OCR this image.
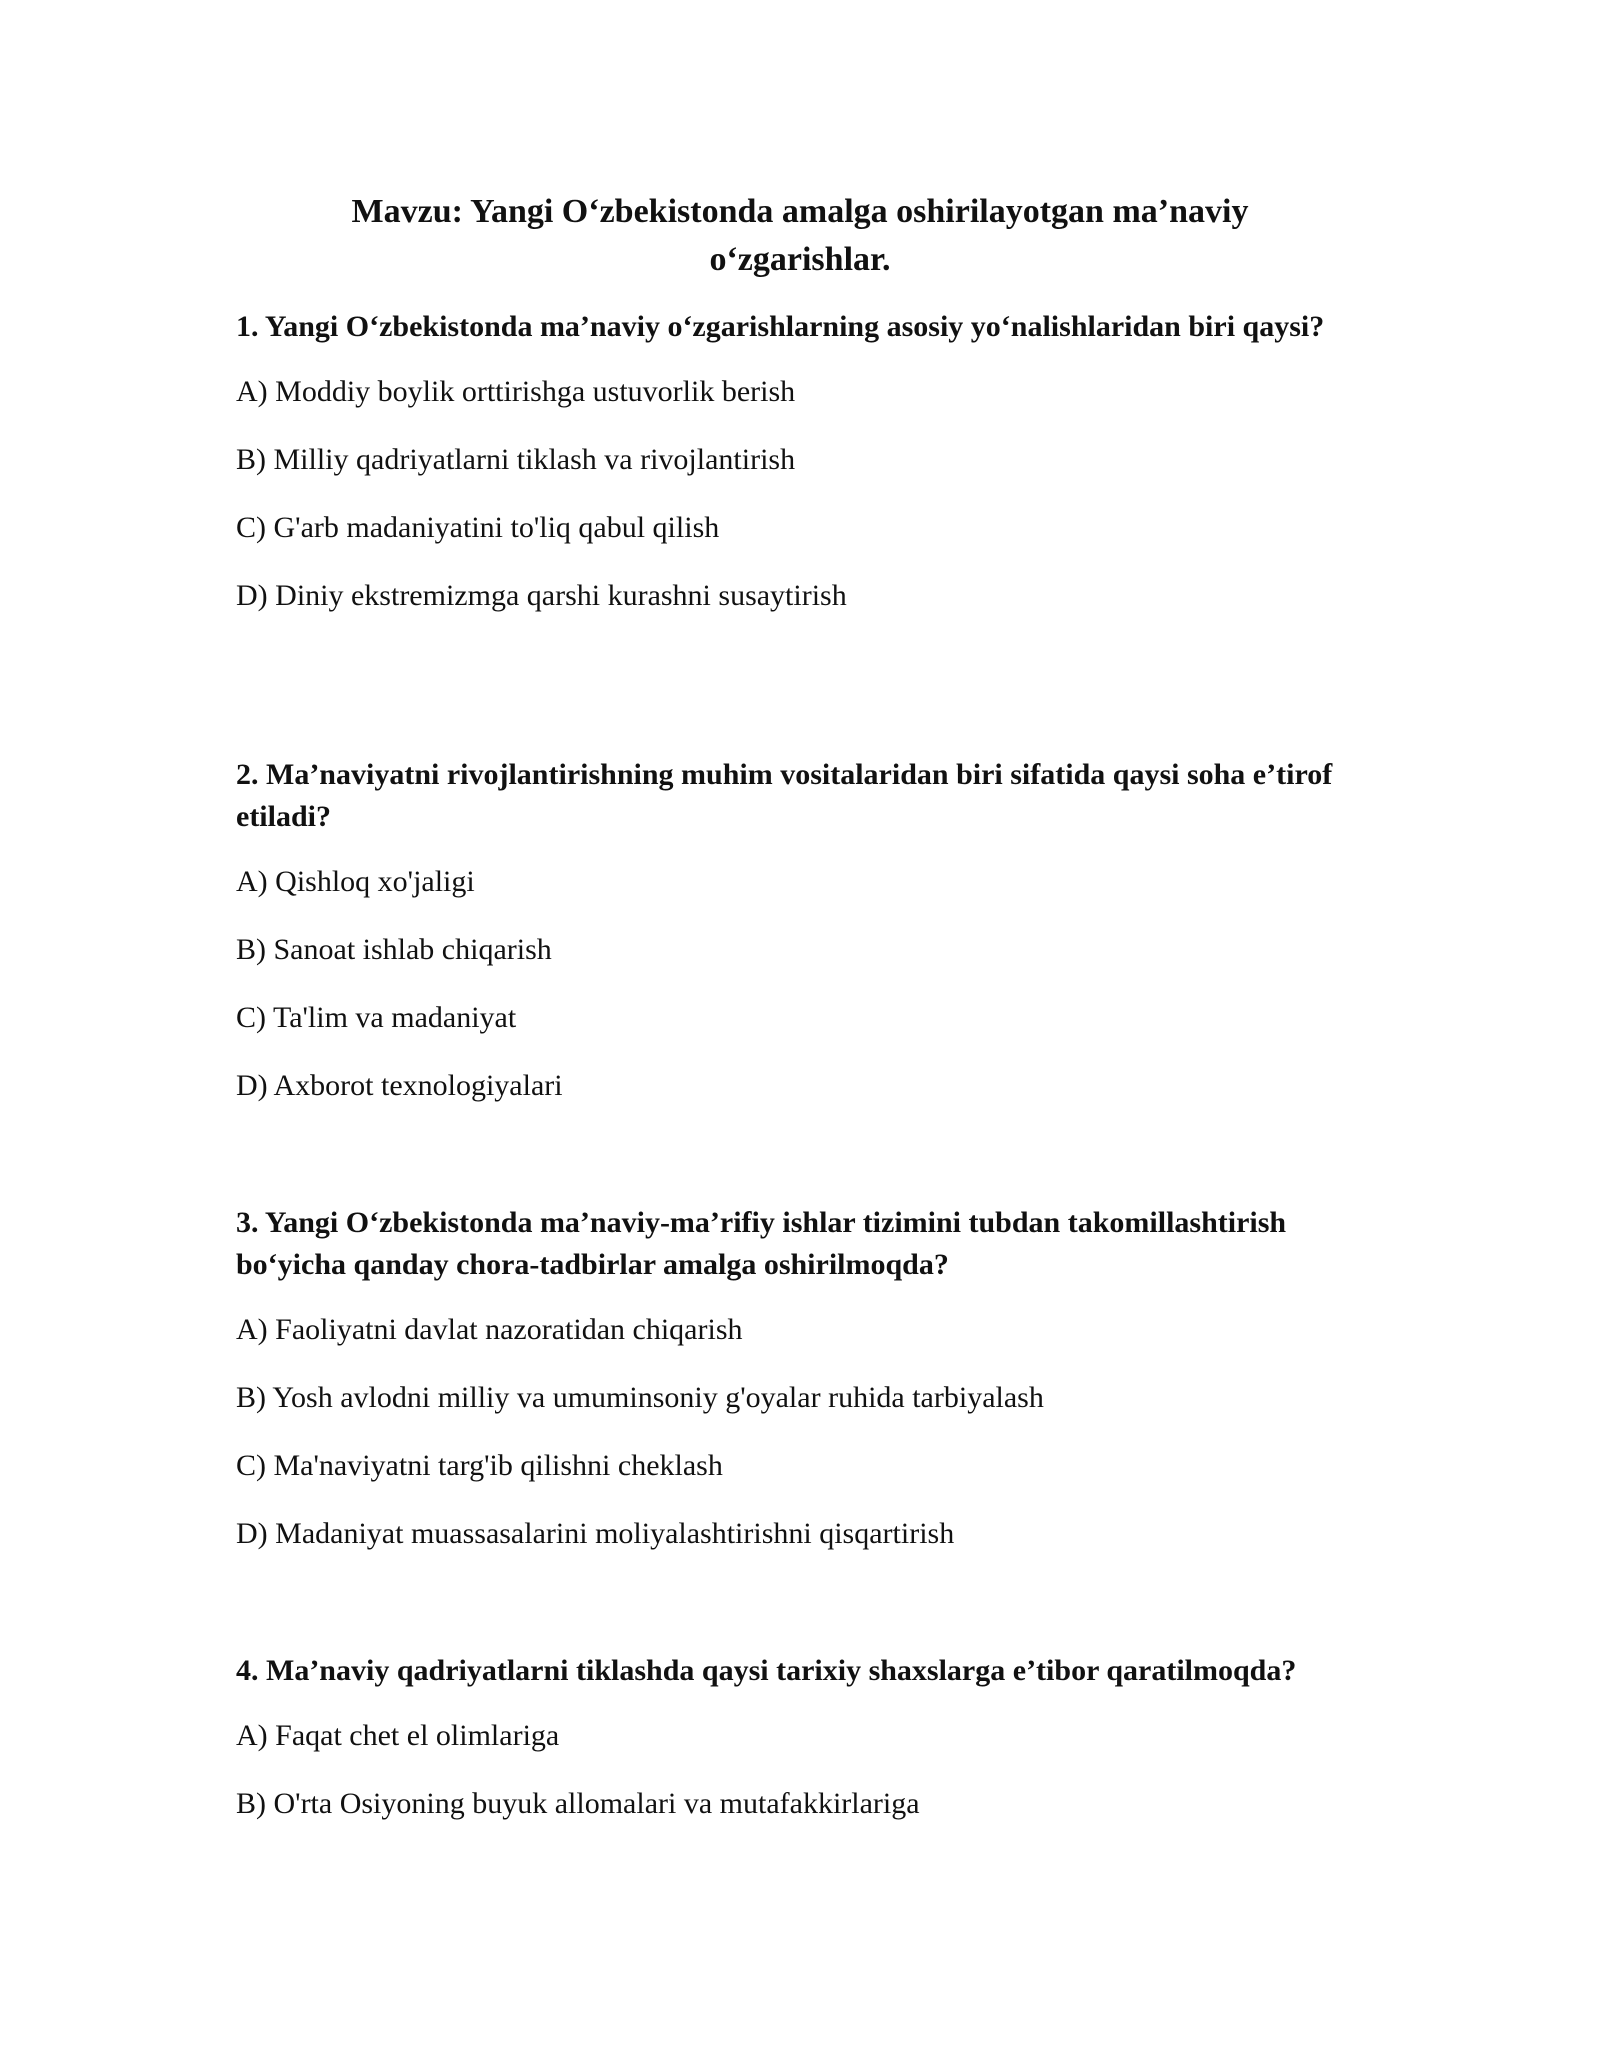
Mavzu: Yangi O‘zbekistonda amalga oshirilayotgan ma’naviy
o‘zgarishlar.

1. Yangi O‘zbekistonda ma’naviy o‘zgarishlarning asosiy yo‘nalishlaridan biri qaysi?

A) Moddiy boylik orttirishga ustuvorlik berish
B) Milliy qadriyatlarni tiklash va rivojlantirish
C) G'arb madaniyatini to'liq qabul qilish
D) Diniy ekstremizmga qarshi kurashni susaytirish

2. Ma’naviyatni rivojlantirishning muhim vositalaridan biri sifatida qaysi soha e’tirof etiladi?

A) Qishloq xo'jaligi
B) Sanoat ishlab chiqarish
C) Ta'lim va madaniyat
D) Axborot texnologiyalari

3. Yangi O‘zbekistonda ma’naviy-ma’rifiy ishlar tizimini tubdan takomillashtirish bo‘yicha qanday chora-tadbirlar amalga oshirilmoqda?

A) Faoliyatni davlat nazoratidan chiqarish
B) Yosh avlodni milliy va umuminsoniy g'oyalar ruhida tarbiyalash
C) Ma'naviyatni targ'ib qilishni cheklash
D) Madaniyat muassasalarini moliyalashtirishni qisqartirish

4. Ma’naviy qadriyatlarni tiklashda qaysi tarixiy shaxslarga e’tibor qaratilmoqda?

A) Faqat chet el olimlariga
B) O'rta Osiyoning buyuk allomalari va mutafakkirlariga
